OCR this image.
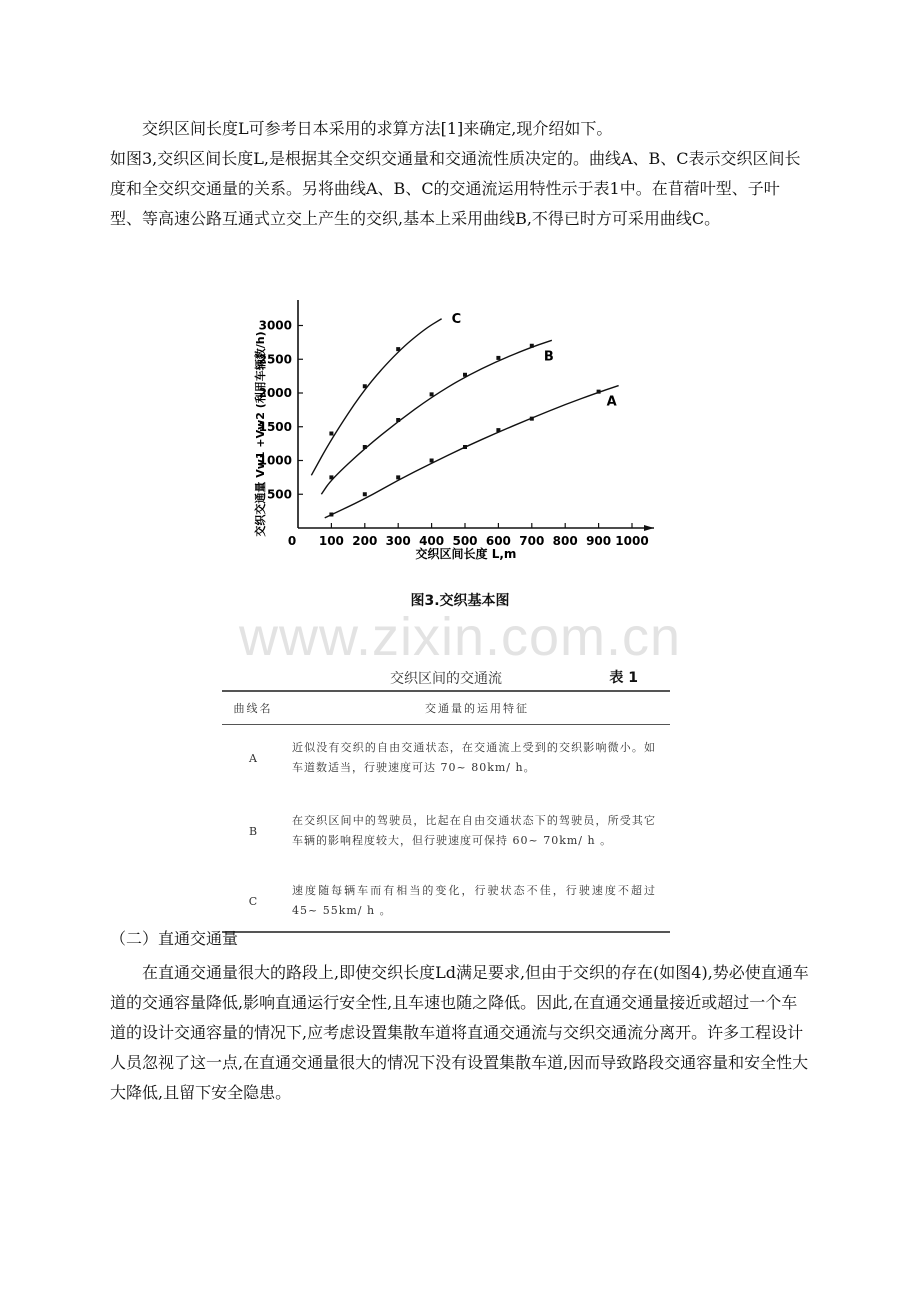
交织区间长度L可参考日本采用的求算方法[1]来确定,现介绍如下。

如图3,交织区间长度L,是根据其全交织交通量和交通流性质决定的。曲线A、B、C表示交织区间长度和全交织交通量的关系。另将曲线A、B、C的交通流运用特性示于表1中。在苜蓿叶型、子叶型、等高速公路互通式立交上产生的交织,基本上采用曲线B,不得已时方可采用曲线C。

0 100 200 300 400 500 600 700 800 900 1000
500
1000
1500
2000
2500
3000
A
B
C
交织区间长度 L,m
交织交通量 Vw1 +Vw2 (利用车辆数/h)
图3.交织基本图
www.zixin.com.cn
交织区间的交通流	表 1
曲线名	交通量的运用特征
A	近似没有交织的自由交通状态，在交通流上受到的交织影响微小。如车道数适当，行驶速度可达 70~ 80km/ h。
B	在交织区间中的驾驶员，比起在自由交通状态下的驾驶员，所受其它车辆的影响程度较大，但行驶速度可保持 60~ 70km/ h 。
C	速度随每辆车而有相当的变化，行驶状态不佳，行驶速度不超过 45~ 55km/ h 。
（二）直通交通量

在直通交通量很大的路段上,即使交织长度Ld满足要求,但由于交织的存在(如图4),势必使直通车道的交通容量降低,影响直通运行安全性,且车速也随之降低。因此,在直通交通量接近或超过一个车道的设计交通容量的情况下,应考虑设置集散车道将直通交通流与交织交通流分离开。许多工程设计人员忽视了这一点,在直通交通量很大的情况下没有设置集散车道,因而导致路段交通容量和安全性大大降低,且留下安全隐患。
